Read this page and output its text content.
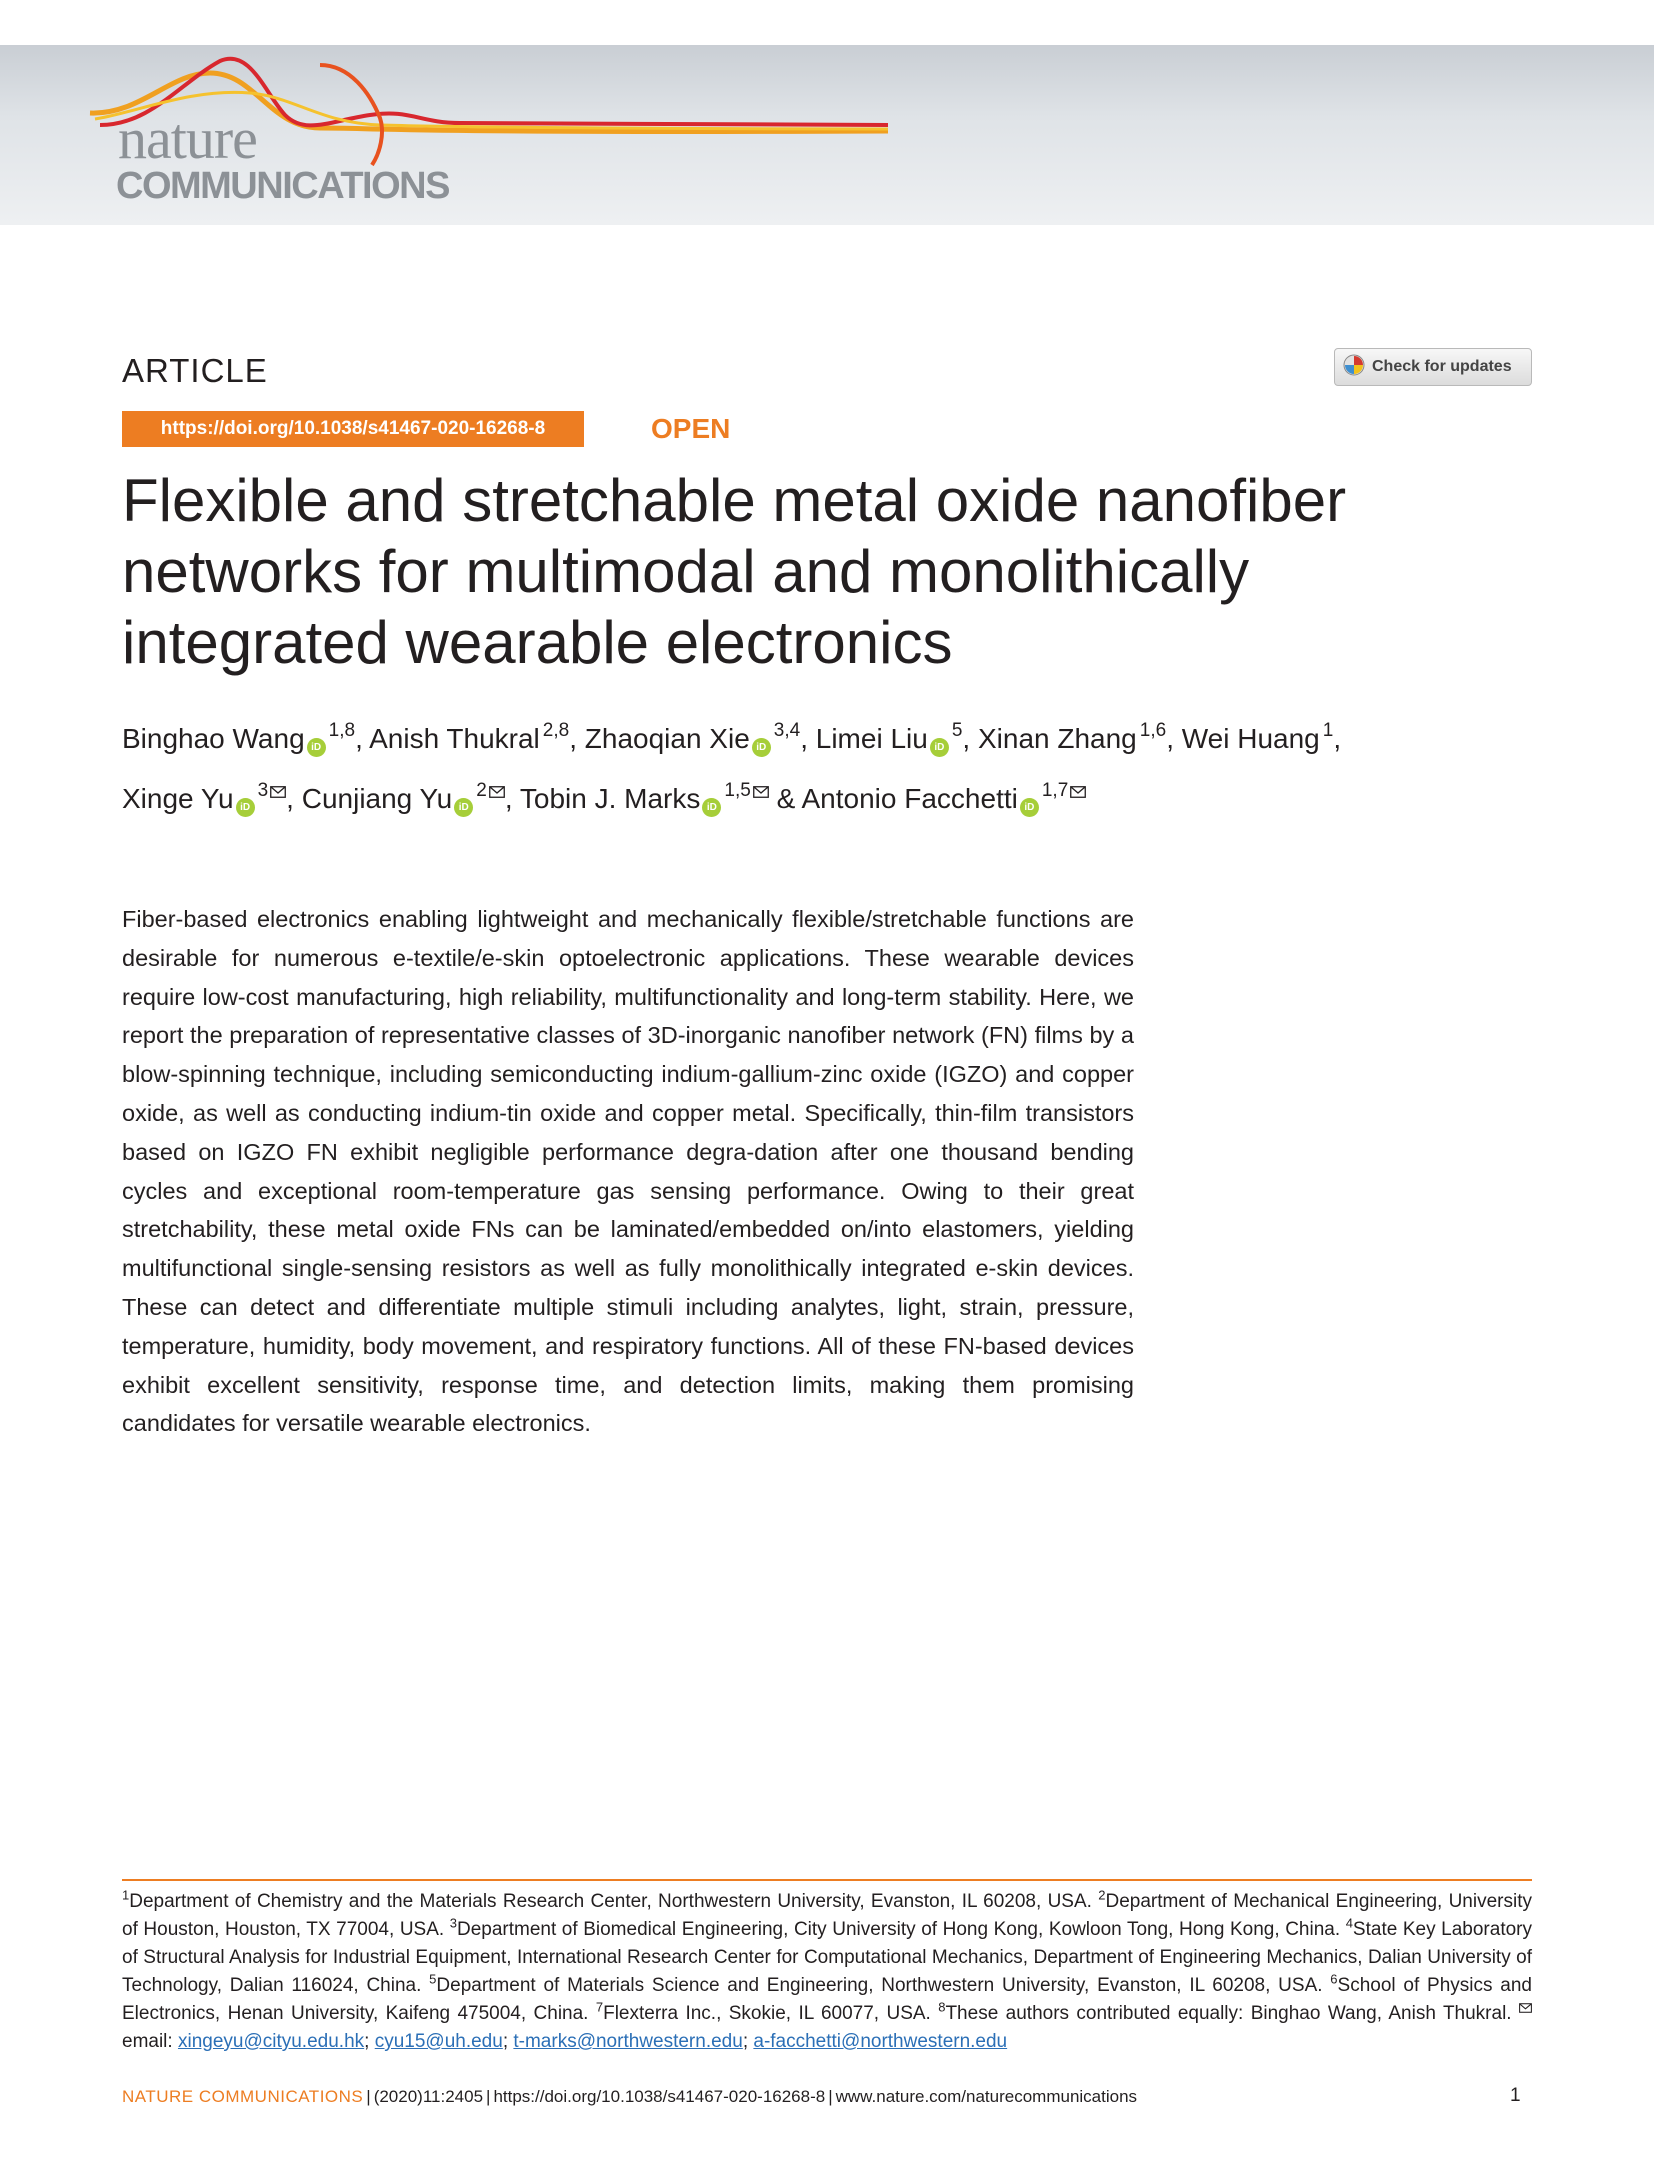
nature
COMMUNICATIONS
ARTICLE	Check for updates
https://doi.org/10.1038/s41467-020-16268-8	OPEN
Flexible and stretchable metal oxide nanofiber networks for multimodal and monolithically integrated wearable electronics
Binghao Wang iD$^{1,8}$, Anish Thukral $^{2,8}$, Zhaoqian Xie iD$^{3,4}$, Limei Liu iD$^5$, Xinan Zhang $^{1,6}$, Wei Huang $^1$, Xinge Yu iD$^3$ , Cunjiang Yu iD$^2$ , Tobin J. Marks iD$^{1,5}$ & Antonio Facchetti iD$^{1,7}$

Fiber-based electronics enabling lightweight and mechanically flexible/stretchable functions are desirable for numerous e-textile/e-skin optoelectronic applications. These wearable devices require low-cost manufacturing, high reliability, multifunctionality and long-term stability. Here, we report the preparation of representative classes of 3D-inorganic nanofiber network (FN) films by a blow-spinning technique, including semiconducting indium-gallium-zinc oxide (IGZO) and copper oxide, as well as conducting indium-tin oxide and copper metal. Specifically, thin-film transistors based on IGZO FN exhibit negligible performance degra-dation after one thousand bending cycles and exceptional room-temperature gas sensing performance. Owing to their great stretchability, these metal oxide FNs can be laminated/embedded on/into elastomers, yielding multifunctional single-sensing resistors as well as fully monolithically integrated e-skin devices. These can detect and differentiate multiple stimuli including analytes, light, strain, pressure, temperature, humidity, body movement, and respiratory functions. All of these FN-based devices exhibit excellent sensitivity, response time, and detection limits, making them promising candidates for versatile wearable electronics.

$^1$Department of Chemistry and the Materials Research Center, Northwestern University, Evanston, IL 60208, USA. $^2$Department of Mechanical Engineering, University of Houston, Houston, TX 77004, USA. $^3$Department of Biomedical Engineering, City University of Hong Kong, Kowloon Tong, Hong Kong, China. $^4$State Key Laboratory of Structural Analysis for Industrial Equipment, International Research Center for Computational Mechanics, Department of Engineering Mechanics, Dalian University of Technology, Dalian 116024, China. $^5$Department of Materials Science and Engineering, Northwestern University, Evanston, IL 60208, USA. $^6$School of Physics and Electronics, Henan University, Kaifeng 475004, China. $^7$Flexterra Inc., Skokie, IL 60077, USA. $^8$These authors contributed equally: Binghao Wang, Anish Thukral. email: xingeyu@cityu.edu.hk; cyu15@uh.edu; t-marks@northwestern.edu; a-facchetti@northwestern.edu

NATURE COMMUNICATIONS | (2020)11:2405 | https://doi.org/10.1038/s41467-020-16268-8 | www.nature.com/naturecommunications	1
